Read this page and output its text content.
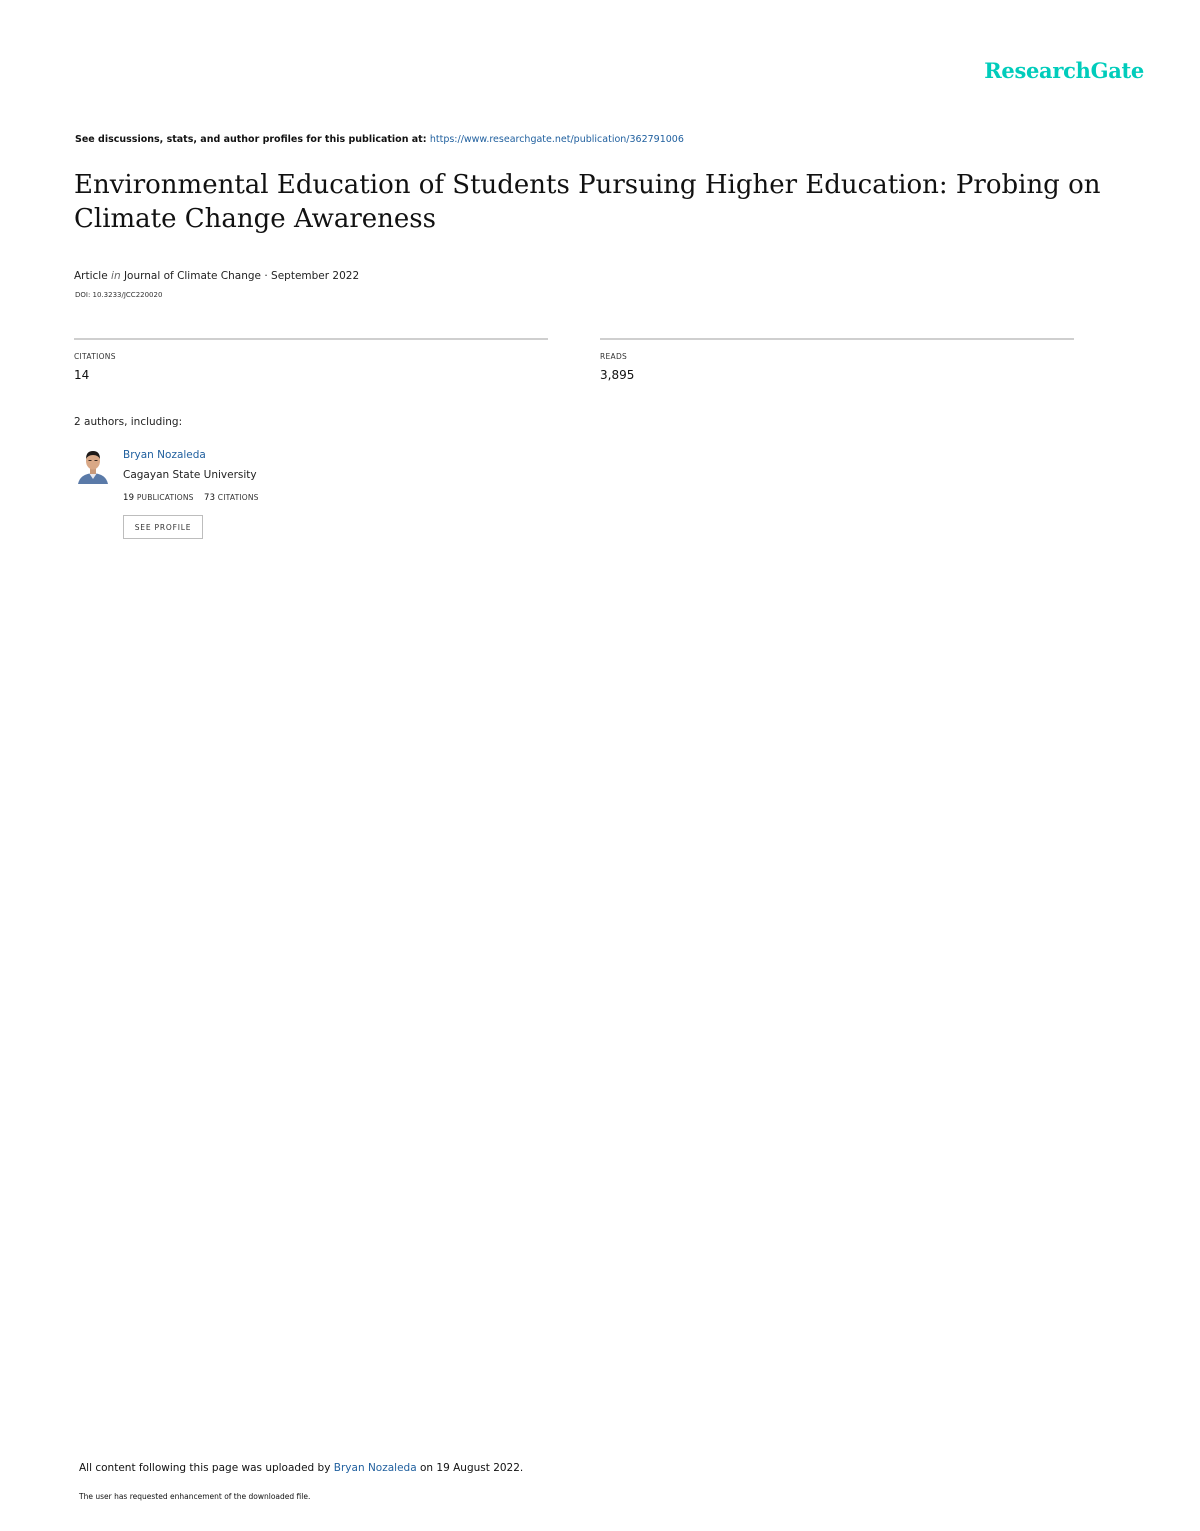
ResearchGate
See discussions, stats, and author profiles for this publication at: https://www.researchgate.net/publication/362791006
Environmental Education of Students Pursuing Higher Education: Probing on Climate Change Awareness
Article in Journal of Climate Change · September 2022
DOI: 10.3233/JCC220020
CITATIONS
14
READS
3,895
2 authors, including:
Bryan Nozaleda
Cagayan State University
19 PUBLICATIONS 73 CITATIONS
SEE PROFILE
All content following this page was uploaded by Bryan Nozaleda on 19 August 2022.
The user has requested enhancement of the downloaded file.
